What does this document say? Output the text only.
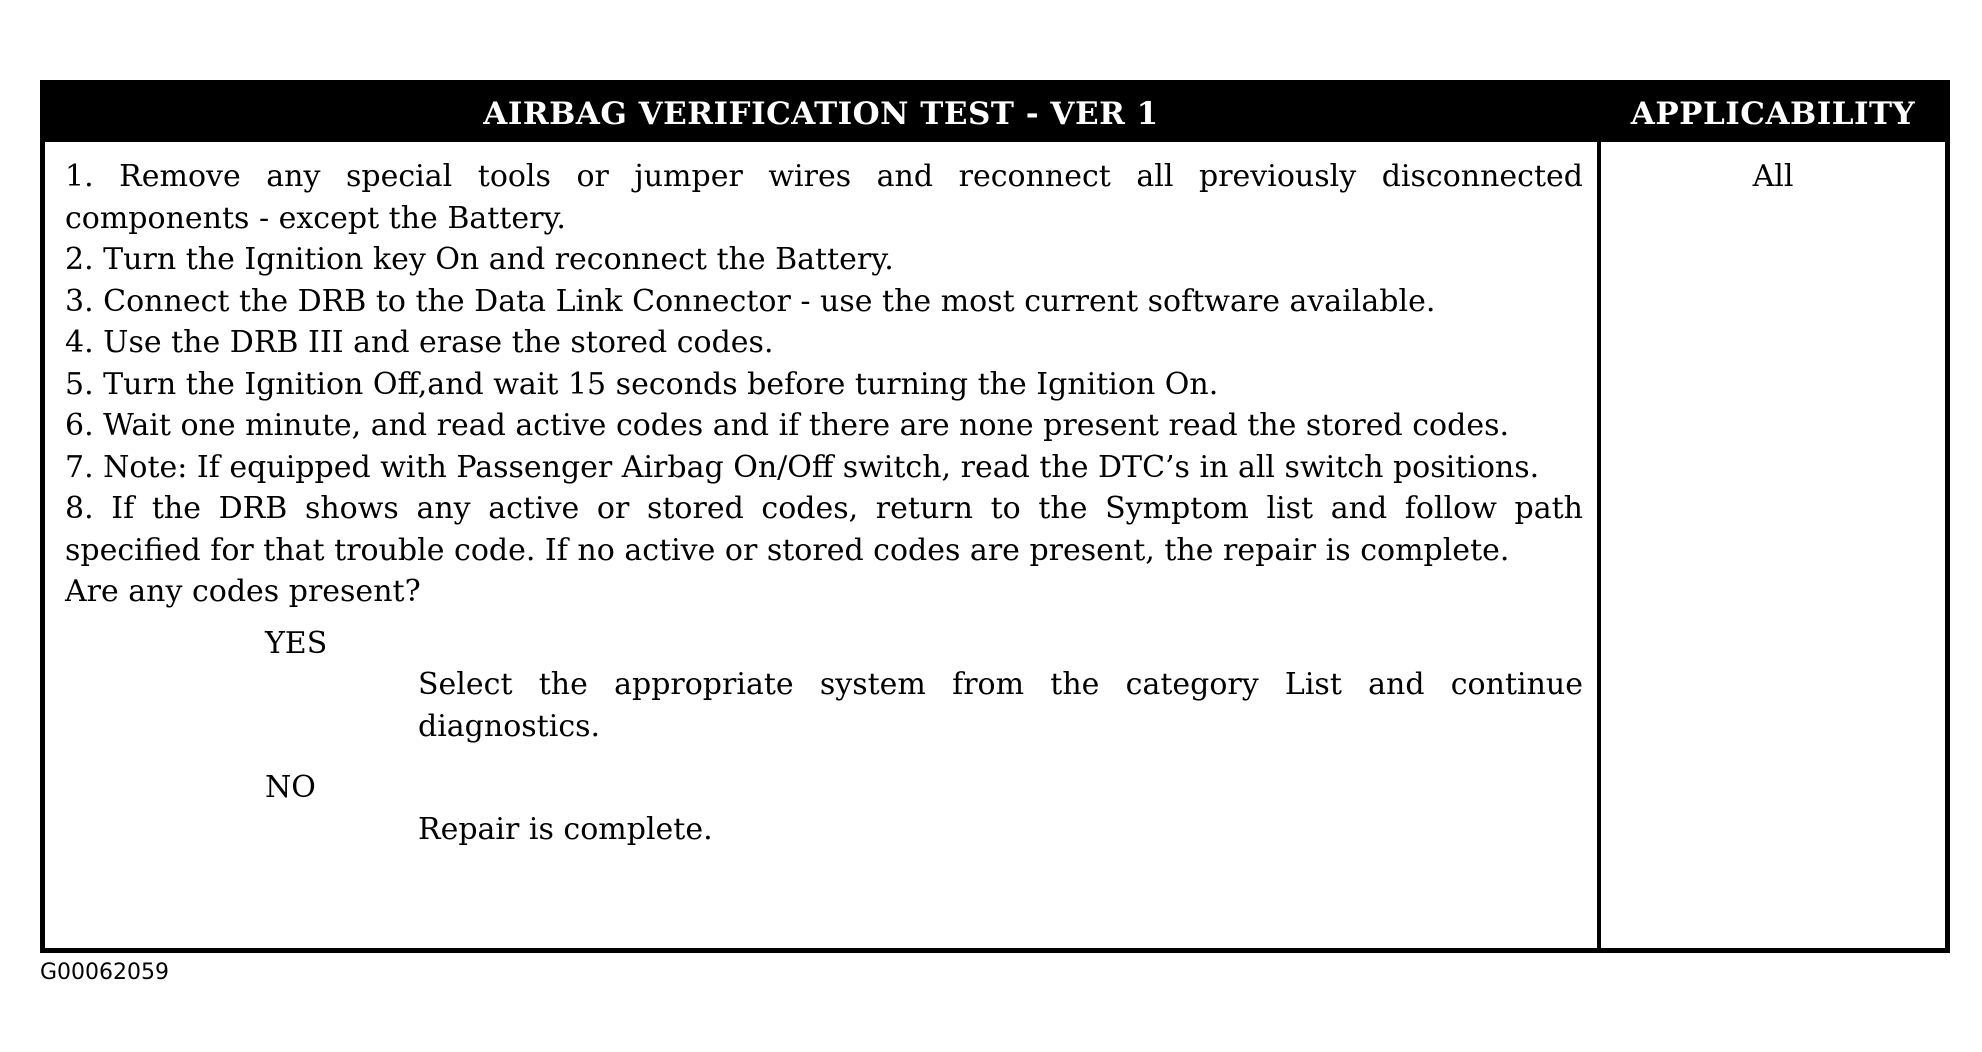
AIRBAG VERIFICATION TEST - VER 1	APPLICABILITY

1. Remove any special tools or jumper wires and reconnect all previously disconnected components - except the Battery.

2. Turn the Ignition key On and reconnect the Battery.

3. Connect the DRB to the Data Link Connector - use the most current software available.

4. Use the DRB III and erase the stored codes.

5. Turn the Ignition Off,and wait 15 seconds before turning the Ignition On.

6. Wait one minute, and read active codes and if there are none present read the stored codes.

7. Note: If equipped with Passenger Airbag On/Off switch, read the DTC’s in all switch positions.

8. If the DRB shows any active or stored codes, return to the Symptom list and follow path specified for that trouble code. If no active or stored codes are present, the repair is complete.

Are any codes present?

YES

Select the appropriate system from the category List and continue diagnostics.

NO

Repair is complete.

All
G00062059
